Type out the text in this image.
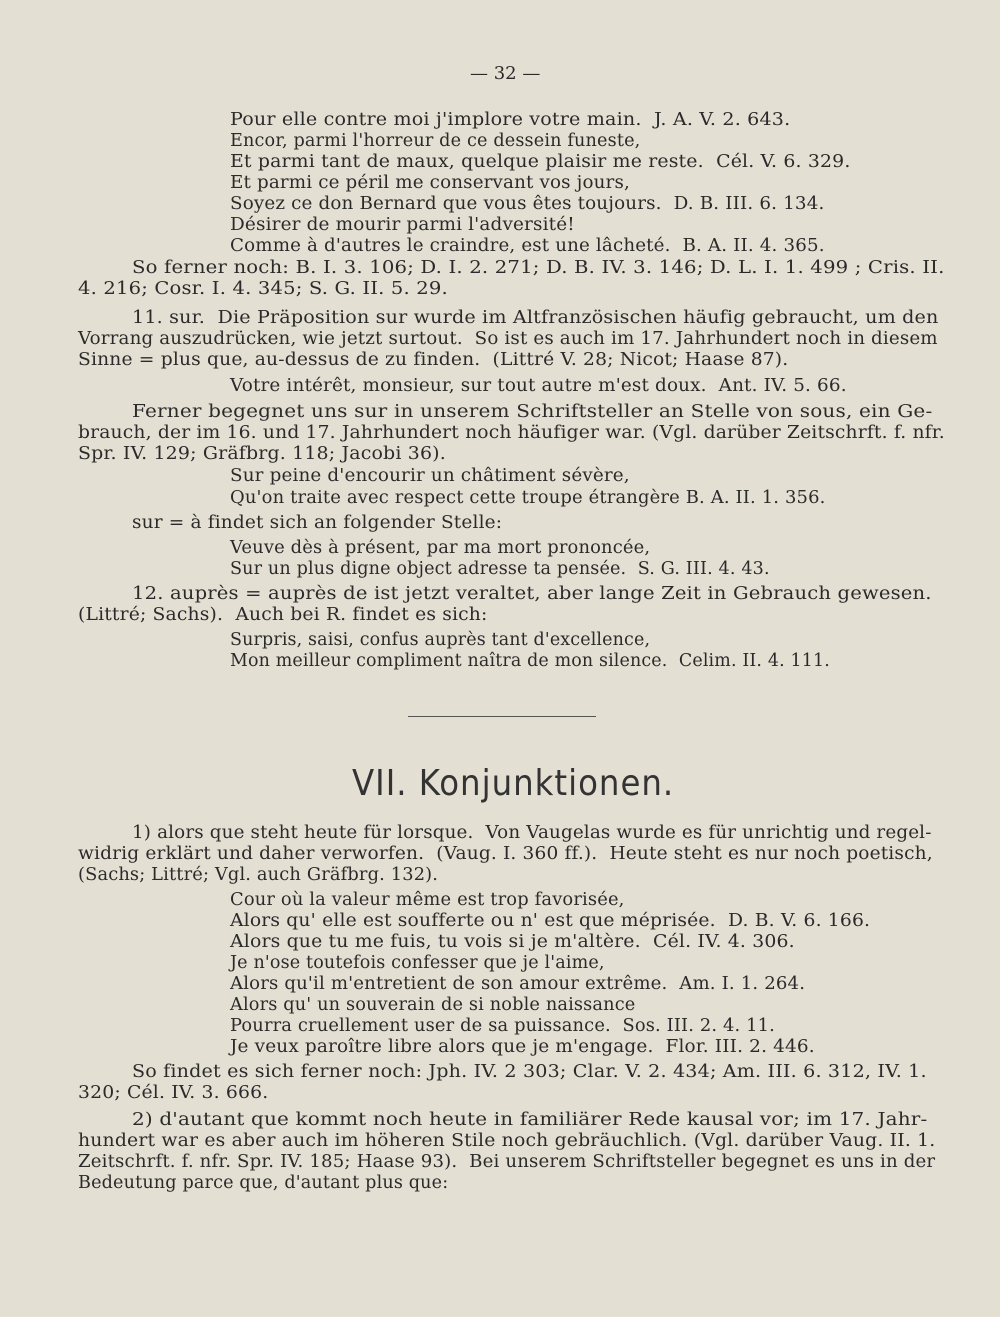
— 32 —
Pour elle contre moi j'implore votre main.  J. A. V. 2. 643.
Encor, parmi l'horreur de ce dessein funeste,
Et parmi tant de maux, quelque plaisir me reste.  Cél. V. 6. 329.
Et parmi ce péril me conservant vos jours,
Soyez ce don Bernard que vous êtes toujours.  D. B. III. 6. 134.
Désirer de mourir parmi l'adversité!
Comme à d'autres le craindre, est une lâcheté.  B. A. II. 4. 365.
So ferner noch: B. I. 3. 106; D. I. 2. 271; D. B. IV. 3. 146; D. L. I. 1. 499 ; Cris. II.
4. 216; Cosr. I. 4. 345; S. G. II. 5. 29.
11. sur.  Die Präposition sur wurde im Altfranzösischen häufig gebraucht, um den
Vorrang auszudrücken, wie jetzt surtout.  So ist es auch im 17. Jahrhundert noch in diesem
Sinne = plus que, au-dessus de zu finden.  (Littré V. 28; Nicot; Haase 87).
Votre intérêt, monsieur, sur tout autre m'est doux.  Ant. IV. 5. 66.
Ferner begegnet uns sur in unserem Schriftsteller an Stelle von sous, ein Ge-
brauch, der im 16. und 17. Jahrhundert noch häufiger war. (Vgl. darüber Zeitschrft. f. nfr.
Spr. IV. 129; Gräfbrg. 118; Jacobi 36).
Sur peine d'encourir un châtiment sévère,
Qu'on traite avec respect cette troupe étrangère B. A. II. 1. 356.
sur = à findet sich an folgender Stelle:
Veuve dès à présent, par ma mort prononcée,
Sur un plus digne object adresse ta pensée.  S. G. III. 4. 43.
12. auprès = auprès de ist jetzt veraltet, aber lange Zeit in Gebrauch gewesen.
(Littré; Sachs).  Auch bei R. findet es sich:
Surpris, saisi, confus auprès tant d'excellence,
Mon meilleur compliment naîtra de mon silence.  Celim. II. 4. 111.
VII. Konjunktionen.
1) alors que steht heute für lorsque.  Von Vaugelas wurde es für unrichtig und regel-
widrig erklärt und daher verworfen.  (Vaug. I. 360 ff.).  Heute steht es nur noch poetisch,
(Sachs; Littré; Vgl. auch Gräfbrg. 132).
Cour où la valeur même est trop favorisée,
Alors qu' elle est soufferte ou n' est que méprisée.  D. B. V. 6. 166.
Alors que tu me fuis, tu vois si je m'altère.  Cél. IV. 4. 306.
Je n'ose toutefois confesser que je l'aime,
Alors qu'il m'entretient de son amour extrême.  Am. I. 1. 264.
Alors qu' un souverain de si noble naissance
Pourra cruellement user de sa puissance.  Sos. III. 2. 4. 11.
Je veux paroître libre alors que je m'engage.  Flor. III. 2. 446.
So findet es sich ferner noch: Jph. IV. 2 303; Clar. V. 2. 434; Am. III. 6. 312, IV. 1.
320; Cél. IV. 3. 666.
2) d'autant que kommt noch heute in familiärer Rede kausal vor; im 17. Jahr-
hundert war es aber auch im höheren Stile noch gebräuchlich. (Vgl. darüber Vaug. II. 1.
Zeitschrft. f. nfr. Spr. IV. 185; Haase 93).  Bei unserem Schriftsteller begegnet es uns in der
Bedeutung parce que, d'autant plus que:
